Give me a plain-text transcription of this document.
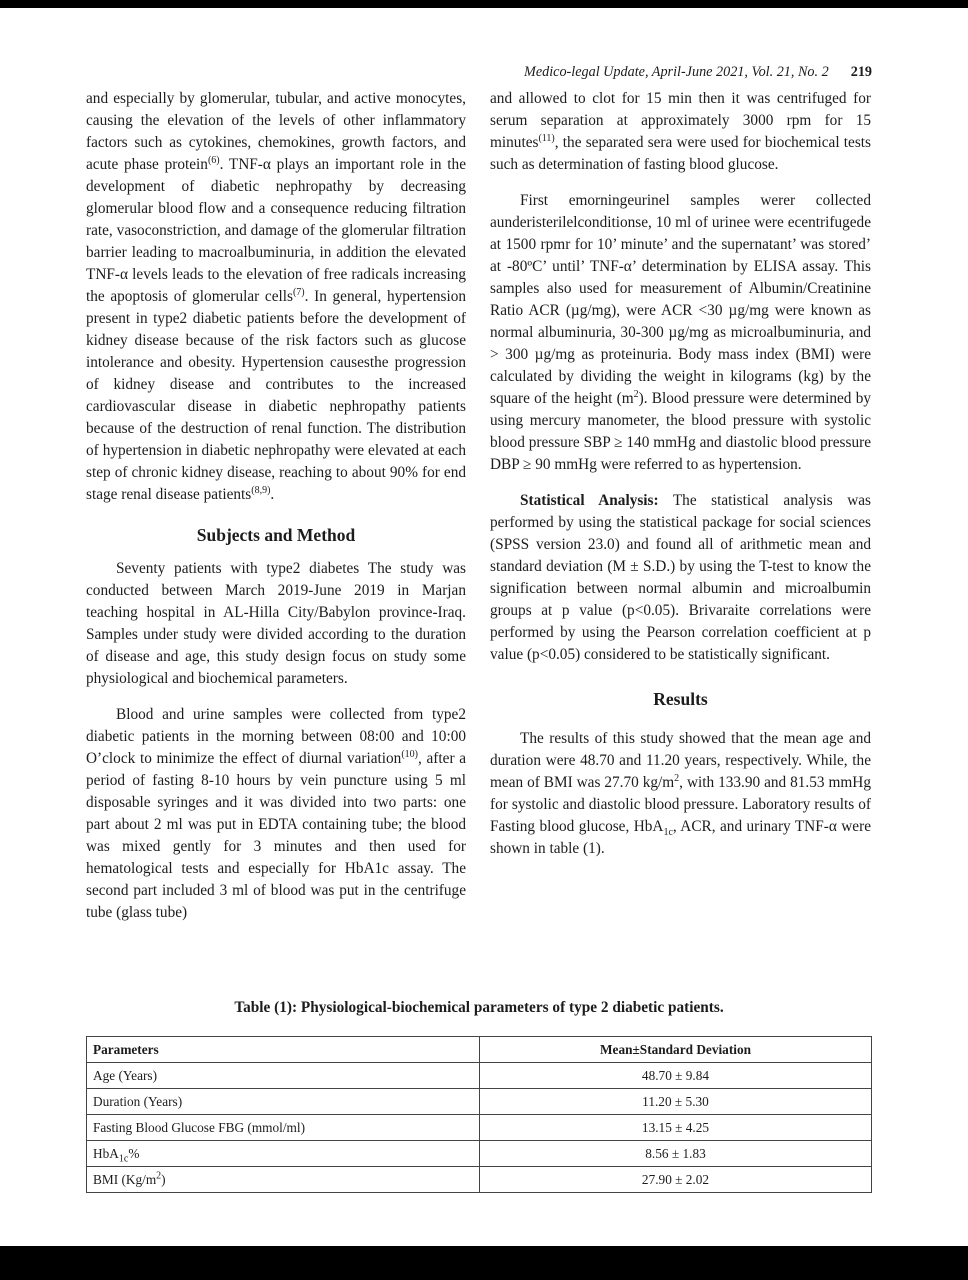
Medico-legal Update, April-June 2021, Vol. 21, No. 2 219

and especially by glomerular, tubular, and active monocytes, causing the elevation of the levels of other inflammatory factors such as cytokines, chemokines, growth factors, and acute phase protein$^{(6)}$. TNF-α plays an important role in the development of diabetic nephropathy by decreasing glomerular blood flow and a consequence reducing filtration rate, vasoconstriction, and damage of the glomerular filtration barrier leading to macroalbuminuria, in addition the elevated TNF-α levels leads to the elevation of free radicals increasing the apoptosis of glomerular cells$^{(7)}$. In general, hypertension present in type2 diabetic patients before the development of kidney disease because of the risk factors such as glucose intolerance and obesity. Hypertension causesthe progression of kidney disease and contributes to the increased cardiovascular disease in diabetic nephropathy patients because of the destruction of renal function. The distribution of hypertension in diabetic nephropathy were elevated at each step of chronic kidney disease, reaching to about 90% for end stage renal disease patients$^{(8,9)}$.

Subjects and Method

Seventy patients with type2 diabetes The study was conducted between March 2019-June 2019 in Marjan teaching hospital in AL-Hilla City/Babylon province-Iraq. Samples under study were divided according to the duration of disease and age, this study design focus on study some physiological and biochemical parameters.

Blood and urine samples were collected from type2 diabetic patients in the morning between 08:00 and 10:00 O’clock to minimize the effect of diurnal variation$^{(10)}$, after a period of fasting 8-10 hours by vein puncture using 5 ml disposable syringes and it was divided into two parts: one part about 2 ml was put in EDTA containing tube; the blood was mixed gently for 3 minutes and then used for hematological tests and especially for HbA1c assay. The second part included 3 ml of blood was put in the centrifuge tube (glass tube)

and allowed to clot for 15 min then it was centrifuged for serum separation at approximately 3000 rpm for 15 minutes$^{(11)}$, the separated sera were used for biochemical tests such as determination of fasting blood glucose.

First emorningeurinel samples werer collected aunderisterilelconditionse, 10 ml of urinee were ecentrifugede at 1500 rpmr for 10’ minute’ and the supernatant’ was stored’ at -80ºC’ until’ TNF-α’ determination by ELISA assay. This samples also used for measurement of Albumin/Creatinine Ratio ACR (µg/mg), were ACR <30 µg/mg were known as normal albuminuria, 30-300 µg/mg as microalbuminuria, and > 300 µg/mg as proteinuria. Body mass index (BMI) were calculated by dividing the weight in kilograms (kg) by the square of the height $(m^2)$. Blood pressure were determined by using mercury manometer, the blood pressure with systolic blood pressure SBP ≥ 140 mmHg and diastolic blood pressure DBP ≥ 90 mmHg were referred to as hypertension.

Statistical Analysis: The statistical analysis was performed by using the statistical package for social sciences (SPSS version 23.0) and found all of arithmetic mean and standard deviation (M ± S.D.) by using the T-test to know the signification between normal albumin and microalbumin groups at p value (p<0.05). Brivaraite correlations were performed by using the Pearson correlation coefficient at p value (p<0.05) considered to be statistically significant.

Results

The results of this study showed that the mean age and duration were 48.70 and 11.20 years, respectively. While, the mean of BMI was 27.70 $kg/m^2$, with 133.90 and 81.53 mmHg for systolic and diastolic blood pressure. Laboratory results of Fasting blood glucose, HbA$_{1c}$, ACR, and urinary TNF-α were shown in table (1).

Table (1): Physiological-biochemical parameters of type 2 diabetic patients.
Parameters	Mean±Standard Deviation
Age (Years)	48.70 ± 9.84
Duration (Years)	11.20 ± 5.30
Fasting Blood Glucose FBG (mmol/ml)	13.15 ± 4.25
HbA$_{1c}$%	8.56 ± 1.83
BMI $(Kg/m^2)$	27.90 ± 2.02
